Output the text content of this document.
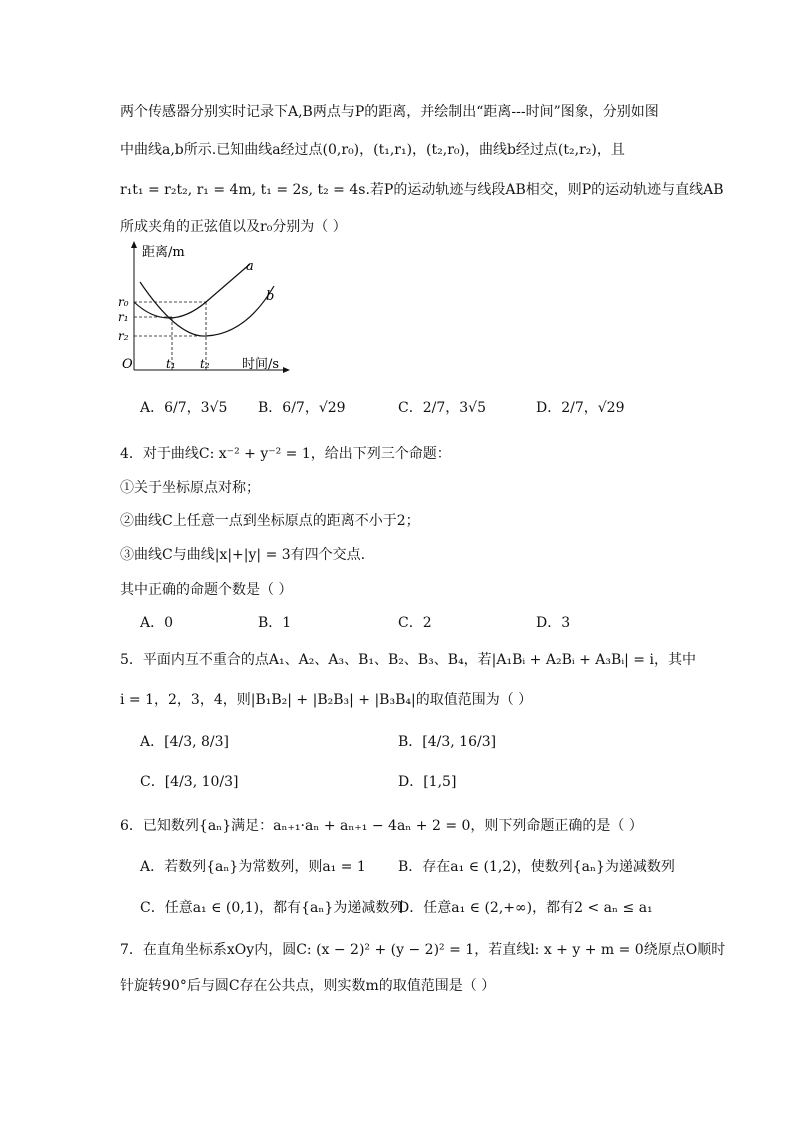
两个传感器分别实时记录下A,B两点与P的距离，并绘制出“距离---时间”图象，分别如图
中曲线a,b所示.已知曲线a经过点(0,r₀)，(t₁,r₁)，(t₂,r₀)，曲线b经过点(t₂,r₂)，且
r₁t₁ = r₂t₂, r₁ = 4m, t₁ = 2s, t₂ = 4s.若P的运动轨迹与线段AB相交，则P的运动轨迹与直线AB
所成夹角的正弦值以及r₀分别为（ ）
距离/m
a
b
r₀
r₁
r₂
O	t₁ t₂ 时间/s
A．6/7，3√5 B．6/7，√29	C．2/7，3√5	D．2/7，√29
4．对于曲线C: x⁻² + y⁻² = 1，给出下列三个命题：
①关于坐标原点对称；
②曲线C上任意一点到坐标原点的距离不小于2；
③曲线C与曲线|x|+|y| = 3有四个交点.
其中正确的命题个数是（ ）
A．0	B．1	C．2	D．3
5．平面内互不重合的点A₁、A₂、A₃、B₁、B₂、B₃、B₄，若|A₁Bᵢ + A₂Bᵢ + A₃Bᵢ| = i，其中
i = 1，2，3，4，则|B₁B₂| + |B₂B₃| + |B₃B₄|的取值范围为（ ）
A．[4/3, 8/3]	B．[4/3, 16/3]
C．[4/3, 10/3]	D．[1,5]
6．已知数列{aₙ}满足：aₙ₊₁·aₙ + aₙ₊₁ − 4aₙ + 2 = 0，则下列命题正确的是（ ）
A．若数列{aₙ}为常数列，则a₁ = 1 B．存在a₁ ∈ (1,2)，使数列{aₙ}为递减数列
C．任意a₁ ∈ (0,1)，都有{aₙ}为递减数列
D．任意a₁ ∈ (2,+∞)，都有2 < aₙ ≤ a₁
7．在直角坐标系xOy内，圆C: (x − 2)² + (y − 2)² = 1，若直线l: x + y + m = 0绕原点O顺时
针旋转90°后与圆C存在公共点，则实数m的取值范围是（ ）
